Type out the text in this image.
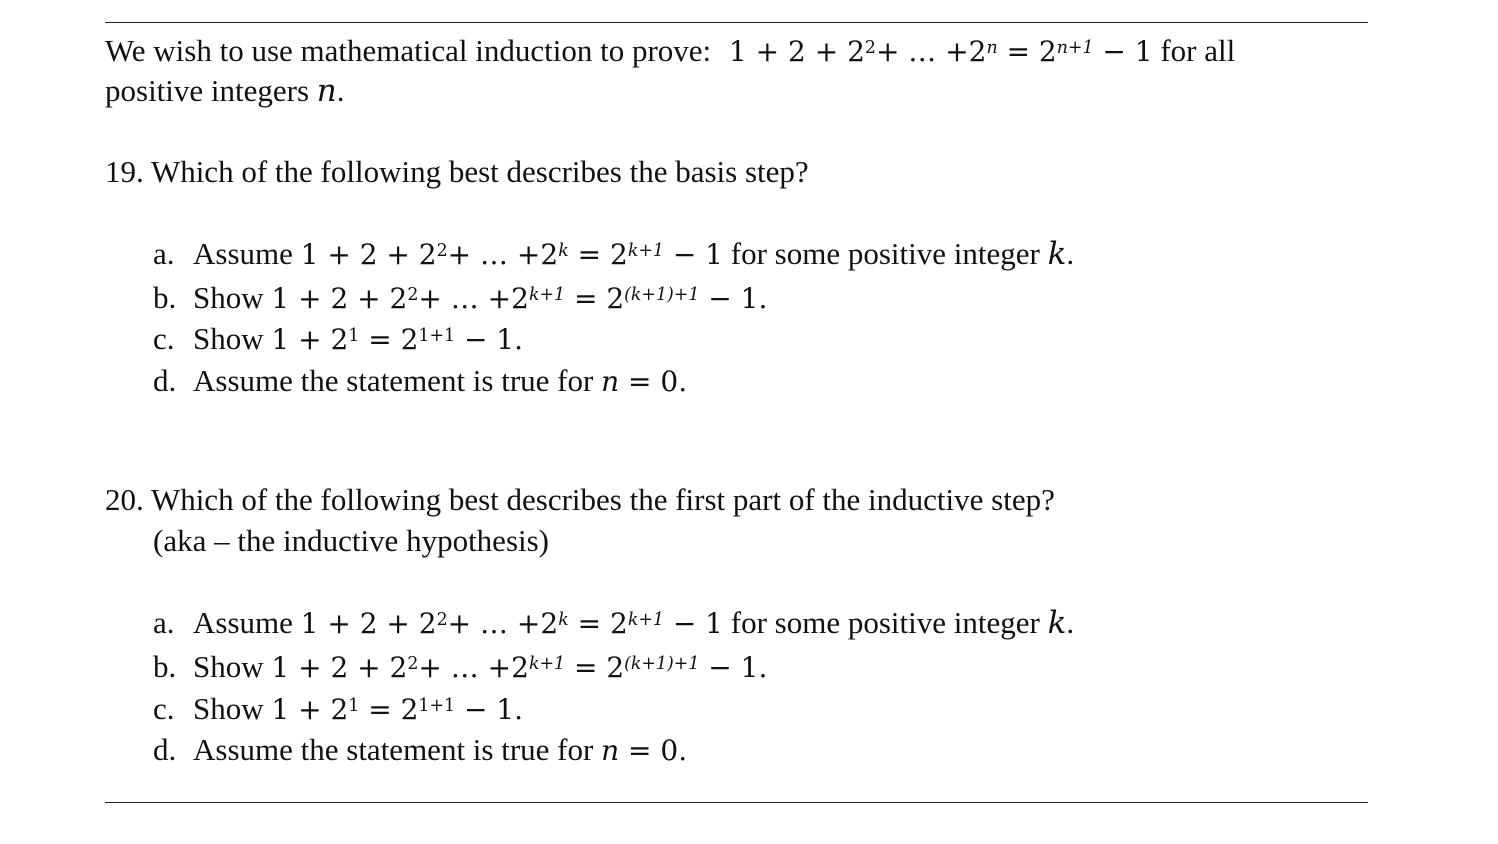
We wish to use mathematical induction to prove: $1 + 2 + 2^2+$ … $+2^n = 2^{n+1} - 1$ for all
positive integers n.
19. Which of the following best describes the basis step?
a. Assume $1 + 2 + 2^2+$ … $+2^k = 2^{k+1} - 1$ for some positive integer k.
b. Show $1 + 2 + 2^2+$ … $+2^{k+1} = 2^{(k+1)+1} - 1$.
c. Show $1 + 2^1 = 2^{1+1} - 1$.
d. Assume the statement is true for n = 0.
20. Which of the following best describes the first part of the inductive step?
(aka – the inductive hypothesis)
a. Assume $1 + 2 + 2^2+$ … $+2^k = 2^{k+1} - 1$ for some positive integer k.
b. Show $1 + 2 + 2^2+$ … $+2^{k+1} = 2^{(k+1)+1} - 1$.
c. Show $1 + 2^1 = 2^{1+1} - 1$.
d. Assume the statement is true for n = 0.
